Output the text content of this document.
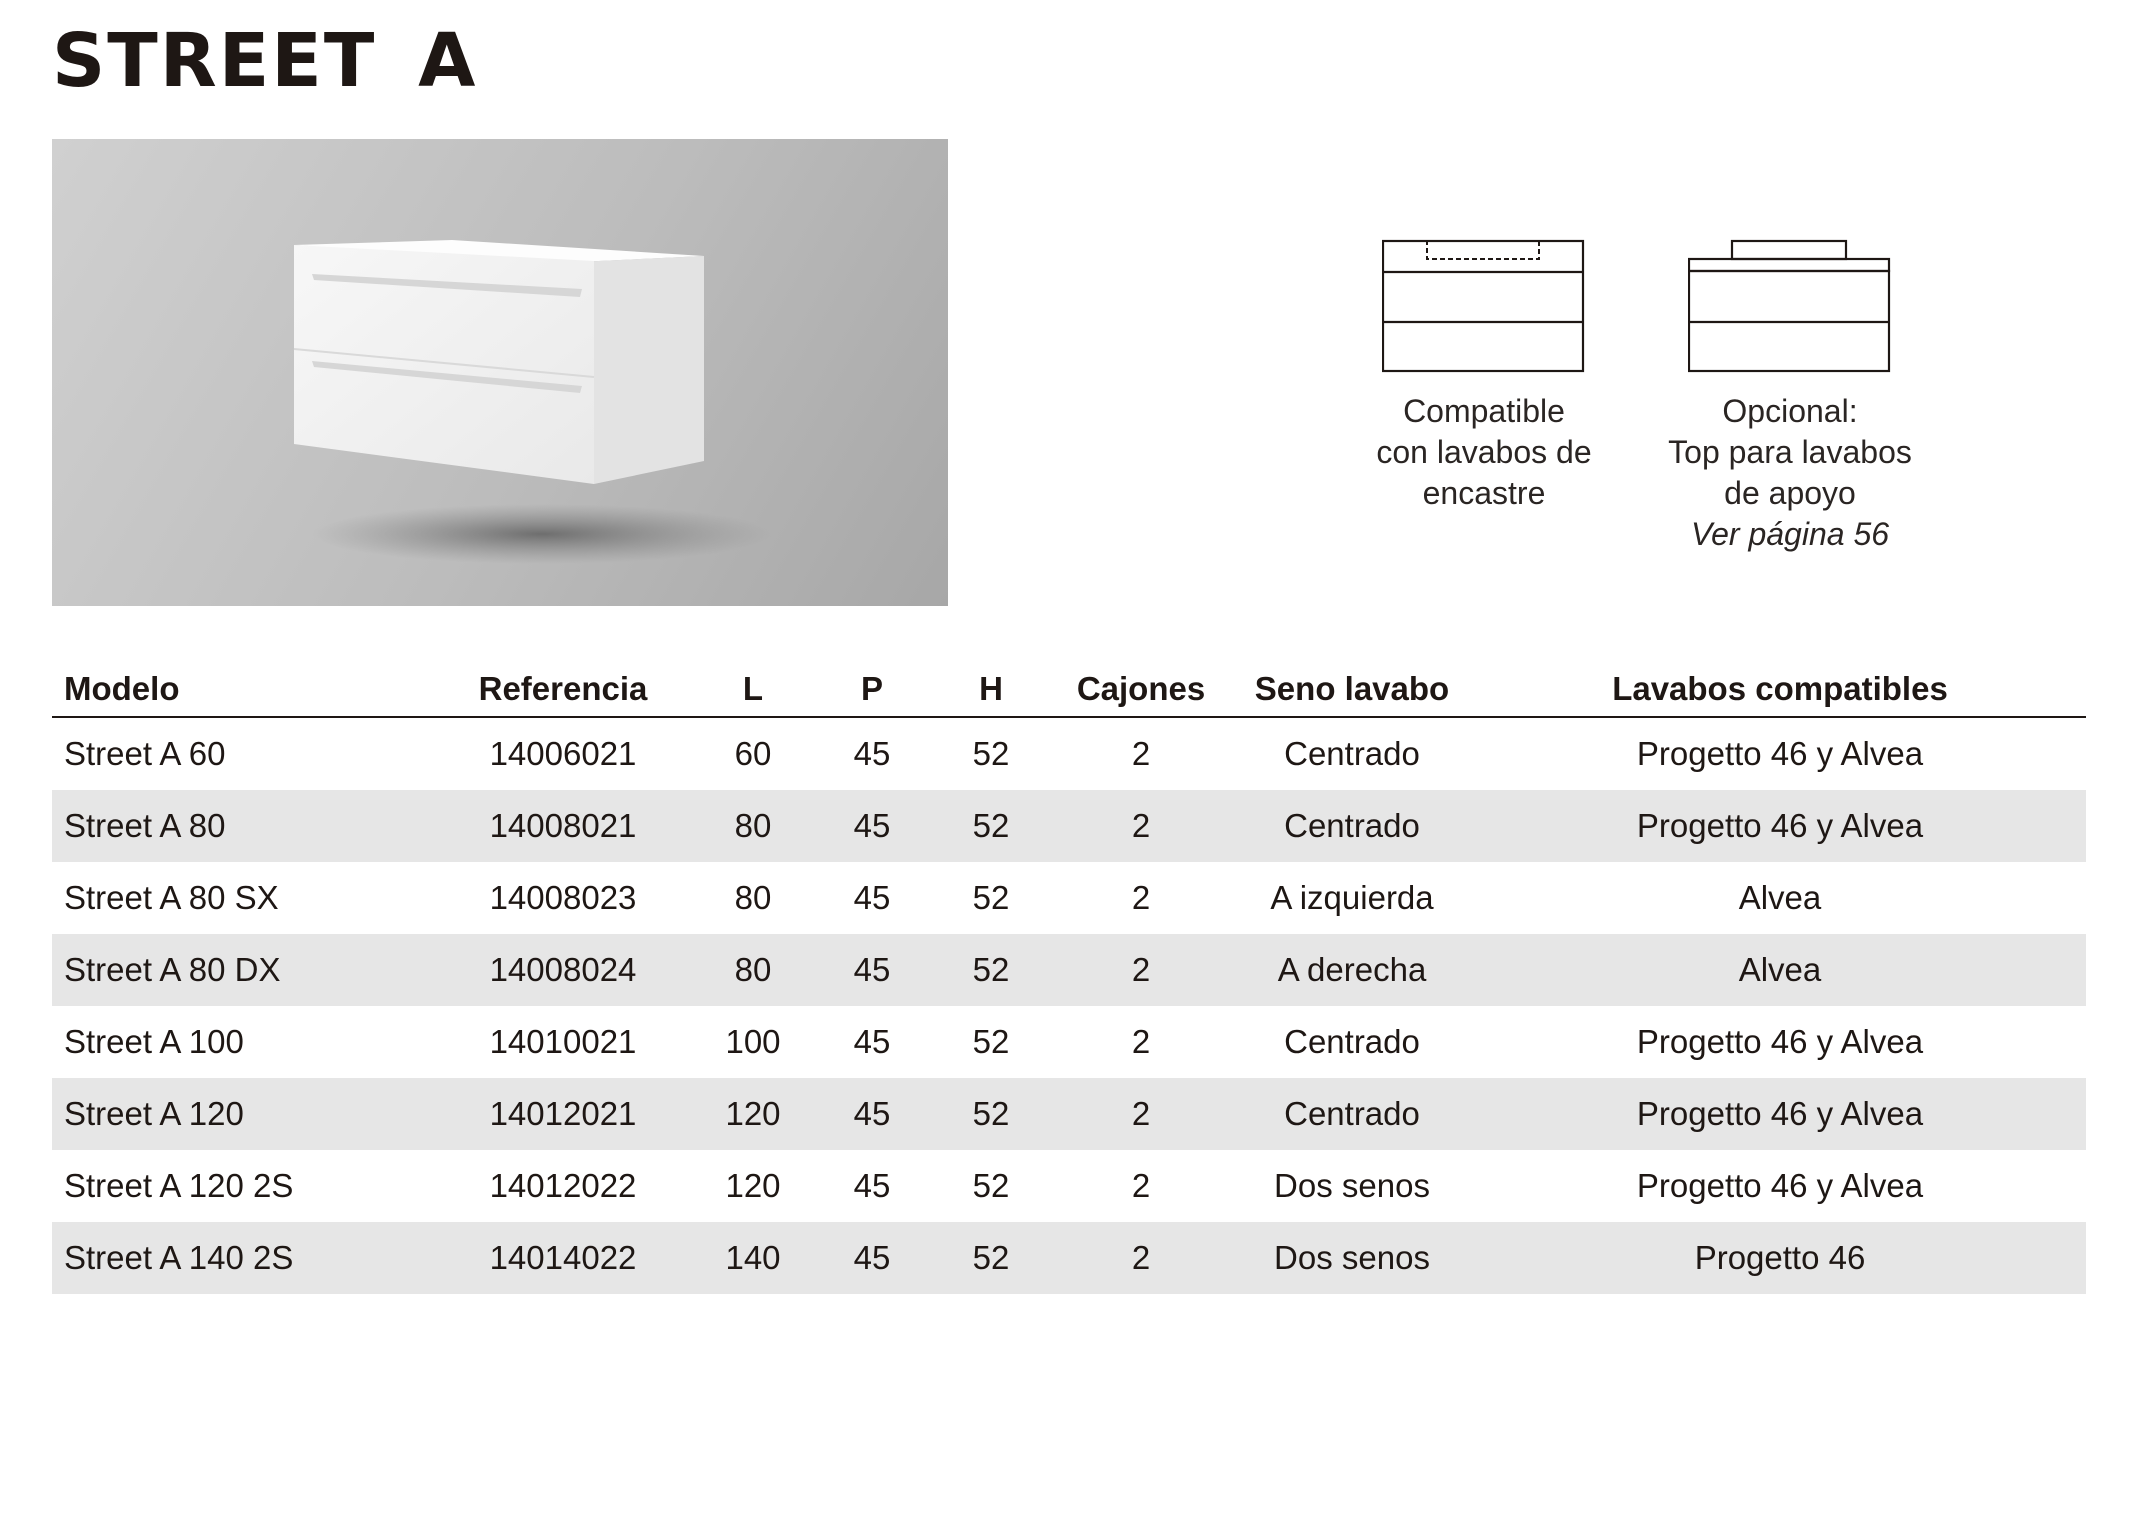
STREET A
Compatible
con lavabos de
encastre
Opcional:
Top para lavabos
de apoyo
Ver página 56
Modelo	Referencia	L	P	H	Cajones	Seno lavabo	Lavabos compatibles
Street A 60	14006021	60	45	52	2	Centrado	Progetto 46 y Alvea
Street A 80	14008021	80	45	52	2	Centrado	Progetto 46 y Alvea
Street A 80 SX	14008023	80	45	52	2	A izquierda	Alvea
Street A 80 DX	14008024	80	45	52	2	A derecha	Alvea
Street A 100	14010021	100	45	52	2	Centrado	Progetto 46 y Alvea
Street A 120	14012021	120	45	52	2	Centrado	Progetto 46 y Alvea
Street A 120 2S	14012022	120	45	52	2	Dos senos	Progetto 46 y Alvea
Street A 140 2S	14014022	140	45	52	2	Dos senos	Progetto 46
